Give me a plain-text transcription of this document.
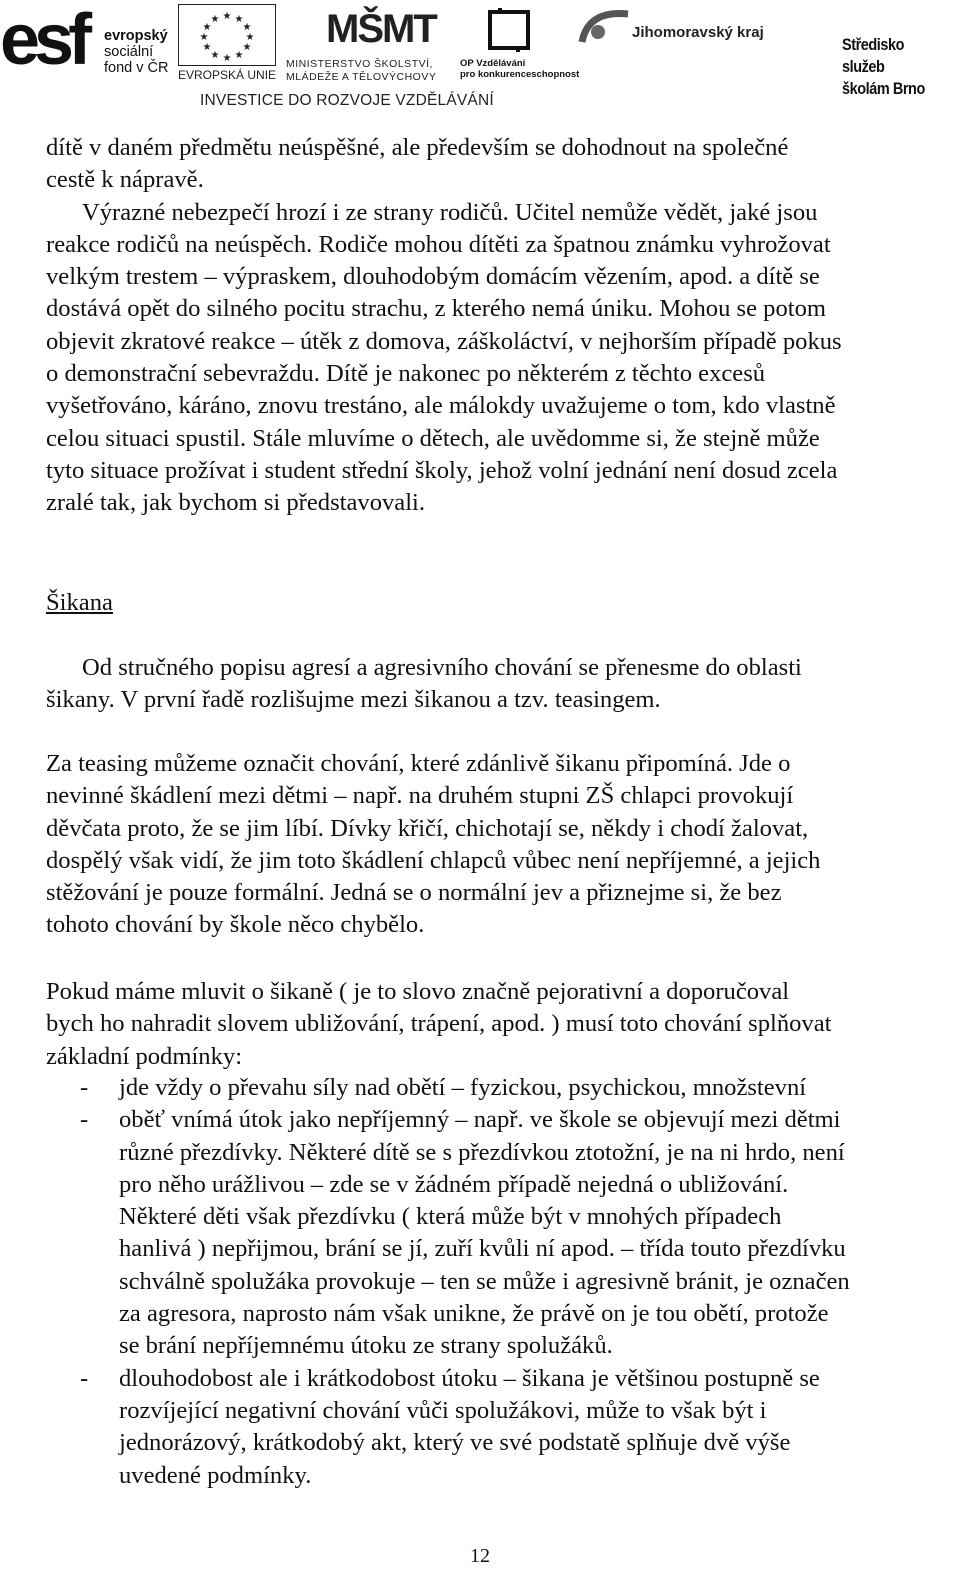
esf evropský
sociální
fond v ČR
★ ★
★
★
★
★
★
★
★
★
★
★
EVROPSKÁ UNIE
MŠMT
MINISTERSTVO ŠKOLSTVÍ,
MLÁDEŽE A TĚLOVÝCHOVY
OP Vzdělávání
pro konkurenceschopnost
Jihomoravský kraj
Středisko služeb
školám Brno
INVESTICE DO ROZVOJE VZDĚLÁVÁNÍ
dítě v daném předmětu neúspěšné, ale především se dohodnout na společné
cestě k nápravě.
Výrazné nebezpečí hrozí i ze strany rodičů. Učitel nemůže vědět, jaké jsou
reakce rodičů na neúspěch. Rodiče mohou dítěti za špatnou známku vyhrožovat
velkým trestem – výpraskem, dlouhodobým domácím vězením, apod. a dítě se
dostává opět do silného pocitu strachu, z kterého nemá úniku. Mohou se potom
objevit zkratové reakce – útěk z domova, záškoláctví, v nejhorším případě pokus
o demonstrační sebevraždu. Dítě je nakonec po některém z těchto excesů
vyšetřováno, káráno, znovu trestáno, ale málokdy uvažujeme o tom, kdo vlastně
celou situaci spustil. Stále mluvíme o dětech, ale uvědomme si, že stejně může
tyto situace prožívat i student střední školy, jehož volní jednání není dosud zcela
zralé tak, jak bychom si představovali.
Šikana
Od stručného popisu agresí a agresivního chování se přenesme do oblasti
šikany. V první řadě rozlišujme mezi šikanou a tzv. teasingem.
Za teasing můžeme označit chování, které zdánlivě šikanu připomíná. Jde o
nevinné škádlení mezi dětmi – např. na druhém stupni ZŠ chlapci provokují
děvčata proto, že se jim líbí. Dívky křičí, chichotají se, někdy i chodí žalovat,
dospělý však vidí, že jim toto škádlení chlapců vůbec není nepříjemné, a jejich
stěžování je pouze formální. Jedná se o normální jev a přiznejme si, že bez
tohoto chování by škole něco chybělo.
Pokud máme mluvit o šikaně ( je to slovo značně pejorativní a doporučoval
bych ho nahradit slovem ubližování, trápení, apod. ) musí toto chování splňovat
základní podmínky:
- jde vždy o převahu síly nad obětí – fyzickou, psychickou, množstevní
- oběť vnímá útok jako nepříjemný – např. ve škole se objevují mezi dětmi
různé přezdívky. Některé dítě se s přezdívkou ztotožní, je na ni hrdo, není
pro něho urážlivou – zde se v žádném případě nejedná o ubližování.
Některé děti však přezdívku ( která může být v mnohých případech
hanlivá ) nepřijmou, brání se jí, zuří kvůli ní apod. – třída touto přezdívku
schválně spolužáka provokuje – ten se může i agresivně bránit, je označen
za agresora, naprosto nám však unikne, že právě on je tou obětí, protože
se brání nepříjemnému útoku ze strany spolužáků.
- dlouhodobost ale i krátkodobost útoku – šikana je většinou postupně se
rozvíjející negativní chování vůči spolužákovi, může to však být i
jednorázový, krátkodobý akt, který ve své podstatě splňuje dvě výše
uvedené podmínky.
12
